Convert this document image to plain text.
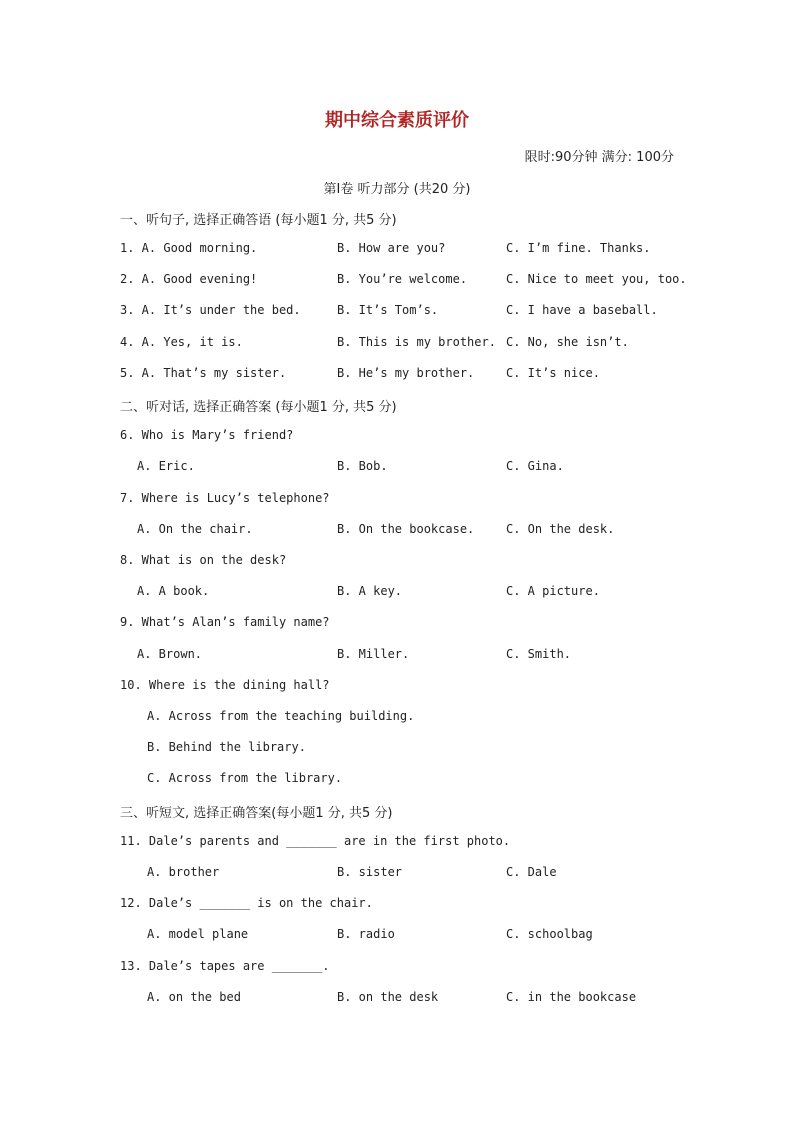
期中综合素质评价
限时:90分钟 满分: 100分
第Ⅰ卷 听力部分 (共20 分)
一、听句子, 选择正确答语 (每小题1 分, 共5 分)
1. A. Good morning.	B. How are you?	C. I’m fine. Thanks.
2. A. Good evening!	B. You’re welcome.	C. Nice to meet you, too.
3. A. It’s under the bed.	B. It’s Tom’s.	C. I have a baseball.
4. A. Yes, it is.	B. This is my brother. C. No, she isn’t.
5. A. That’s my sister.	B. He’s my brother.	C. It’s nice.
二、听对话, 选择正确答案 (每小题1 分, 共5 分)
6. Who is Mary’s friend?
A. Eric.	B. Bob.	C. Gina.
7. Where is Lucy’s telephone?
A. On the chair.	B. On the bookcase.	C. On the desk.
8. What is on the desk?
A. A book.	B. A key.	C. A picture.
9. What’s Alan’s family name?
A. Brown.	B. Miller.	C. Smith.
10. Where is the dining hall?
A. Across from the teaching building.
B. Behind the library.
C. Across from the library.
三、听短文, 选择正确答案(每小题1 分, 共5 分)
11. Dale’s parents and _______ are in the first photo.
A. brother	B. sister	C. Dale
12. Dale’s _______ is on the chair.
A. model plane	B. radio	C. schoolbag
13. Dale’s tapes are _______.
A. on the bed	B. on the desk	C. in the bookcase
